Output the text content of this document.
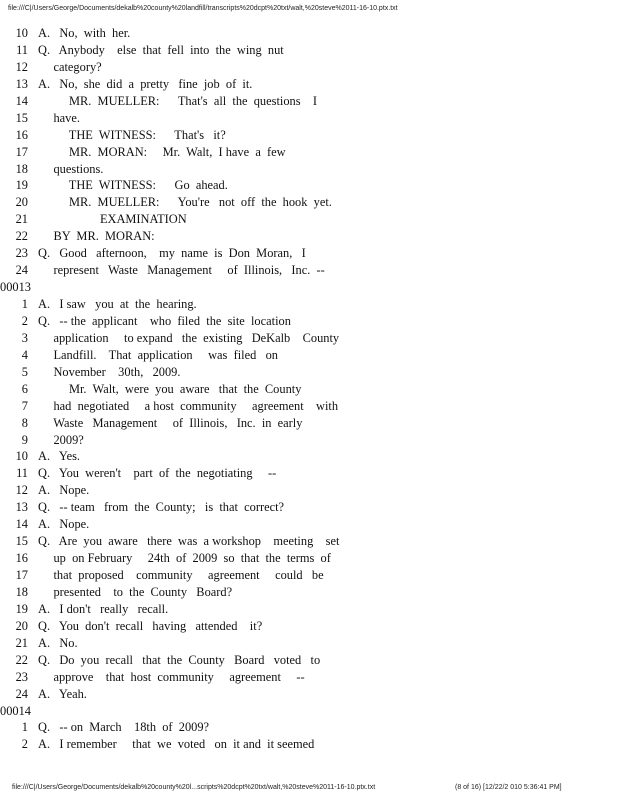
file:///C|/Users/George/Documents/dekalb%20county%20landfill/transcripts%20dcpt%20txt/walt,%20steve%2011-16-10.ptx.txt
10 A.   No,  with  her.
11 Q.   Anybody    else  that  fell  into  the  wing  nut
12 category?
13 A.   No,  she  did  a  pretty   fine  job  of  it.
14 MR.  MUELLER:      That's  all  the  questions    I
15 have.
16 THE  WITNESS:      That's   it?
17 MR.  MORAN:     Mr.  Walt,  I have  a  few
18 questions.
19 THE  WITNESS:      Go  ahead.
20 MR.  MUELLER:      You're   not  off  the  hook  yet.
21 EXAMINATION
22 BY  MR.  MORAN:
23 Q.   Good   afternoon,    my  name  is  Don  Moran,   I
24 represent   Waste   Management     of  Illinois,   Inc.  --
00013
1 A.   I saw   you  at  the  hearing.
2 Q.   -- the  applicant    who  filed  the  site  location
3 application     to expand   the  existing   DeKalb    County
4 Landfill.    That  application     was  filed   on
5 November    30th,   2009.
6 Mr.  Walt,  were  you  aware   that  the  County
7 had  negotiated     a host  community     agreement    with
8 Waste   Management     of  Illinois,   Inc.  in  early
9 2009?
10 A.   Yes.
11 Q.   You  weren't    part  of  the  negotiating     --
12 A.   Nope.
13 Q.   -- team   from  the  County;   is  that  correct?
14 A.   Nope.
15 Q.   Are  you  aware   there  was  a workshop    meeting    set
16 up  on February     24th  of  2009  so  that  the  terms  of
17 that  proposed    community     agreement     could   be
18 presented    to  the  County   Board?
19 A.   I don't   really   recall.
20 Q.   You  don't  recall   having   attended    it?
21 A.   No.
22 Q.   Do  you  recall   that  the  County   Board   voted   to
23 approve    that  host  community     agreement     --
24 A.   Yeah.
00014
1 Q.   -- on  March    18th  of  2009?
2 A.   I remember     that  we  voted   on  it and  it seemed
file:///C|/Users/George/Documents/dekalb%20county%20l...scripts%20dcpt%20txt/walt,%20steve%2011-16-10.ptx.txt	(8 of 16) [12/22/2 010 5:36:41 PM]
